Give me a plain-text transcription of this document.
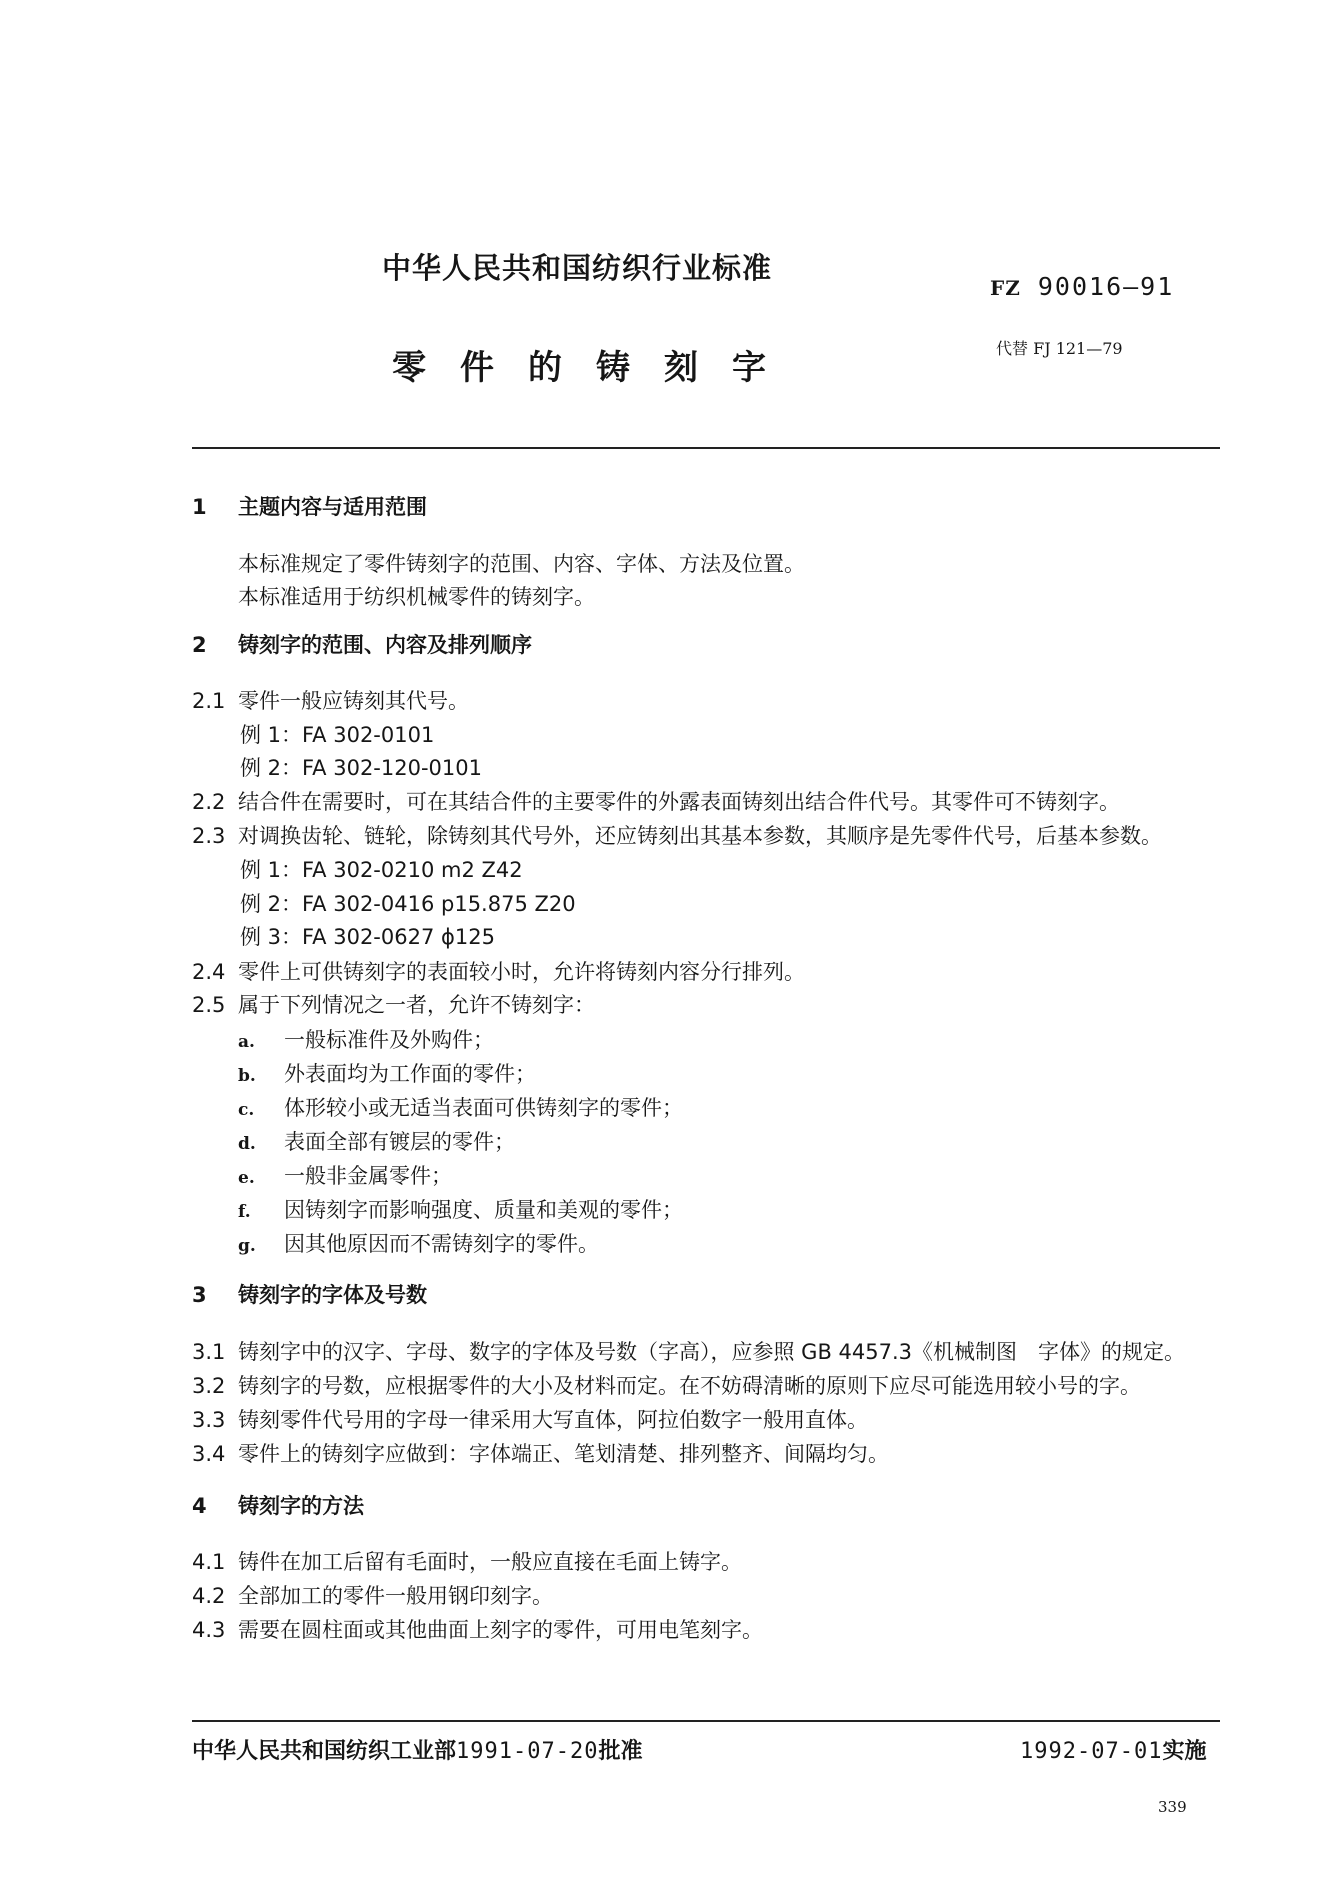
中华人民共和国纺织行业标准
零件的铸刻字
FZ 90016—91
代替 FJ 121—79
1 主题内容与适用范围
本标准规定了零件铸刻字的范围、内容、字体、方法及位置。
本标准适用于纺织机械零件的铸刻字。
2 铸刻字的范围、内容及排列顺序
2.1 零件一般应铸刻其代号。
例 1：FA 302-0101
例 2：FA 302-120-0101
2.2 结合件在需要时，可在其结合件的主要零件的外露表面铸刻出结合件代号。其零件可不铸刻字。
2.3 对调换齿轮、链轮，除铸刻其代号外，还应铸刻出其基本参数，其顺序是先零件代号，后基本参数。
例 1：FA 302-0210 m2 Z42
例 2：FA 302-0416 p15.875 Z20
例 3：FA 302-0627 ϕ125
2.4 零件上可供铸刻字的表面较小时，允许将铸刻内容分行排列。
2.5 属于下列情况之一者，允许不铸刻字：
a. 一般标准件及外购件；
b. 外表面均为工作面的零件；
c. 体形较小或无适当表面可供铸刻字的零件；
d. 表面全部有镀层的零件；
e. 一般非金属零件；
f. 因铸刻字而影响强度、质量和美观的零件；
g. 因其他原因而不需铸刻字的零件。
3 铸刻字的字体及号数
3.1 铸刻字中的汉字、字母、数字的字体及号数（字高），应参照 GB 4457.3《机械制图　字体》的规定。
3.2 铸刻字的号数，应根据零件的大小及材料而定。在不妨碍清晰的原则下应尽可能选用较小号的字。
3.3 铸刻零件代号用的字母一律采用大写直体，阿拉伯数字一般用直体。
3.4 零件上的铸刻字应做到：字体端正、笔划清楚、排列整齐、间隔均匀。
4 铸刻字的方法
4.1 铸件在加工后留有毛面时，一般应直接在毛面上铸字。
4.2 全部加工的零件一般用钢印刻字。
4.3 需要在圆柱面或其他曲面上刻字的零件，可用电笔刻字。
中华人民共和国纺织工业部1991-07-20批准	1992-07-01实施
339
